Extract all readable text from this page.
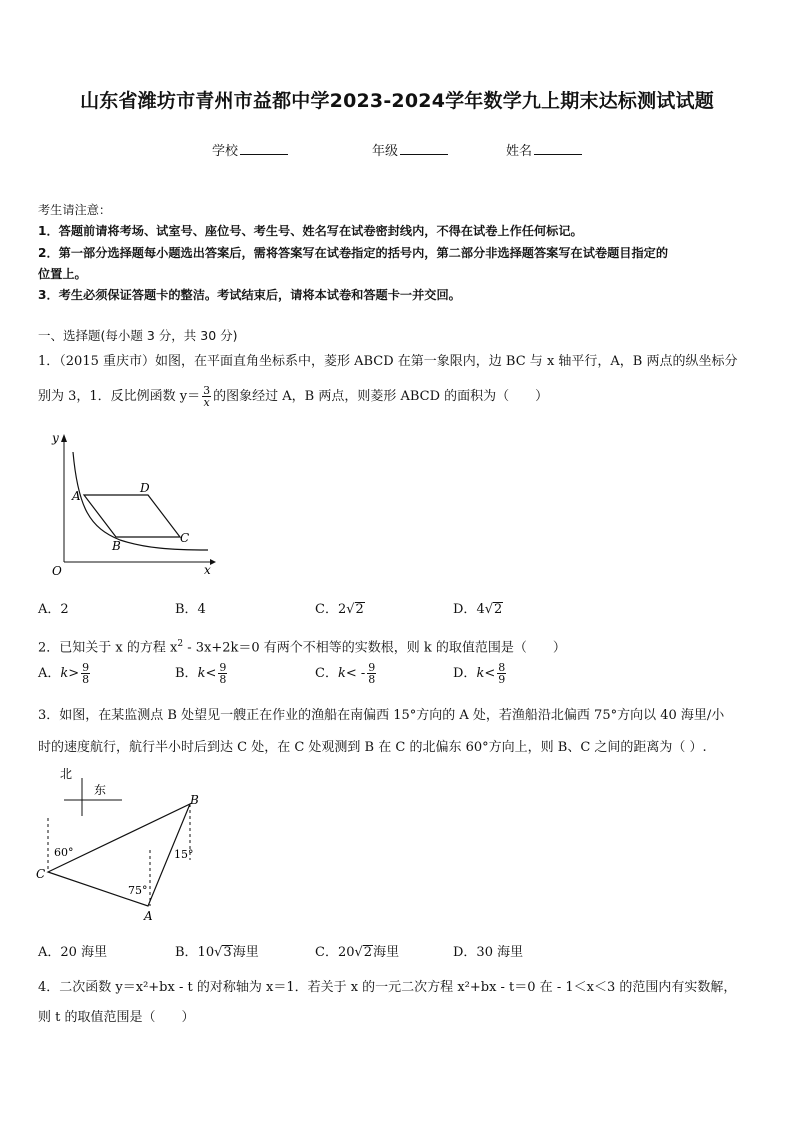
山东省潍坊市青州市益都中学2023-2024学年数学九上期末达标测试试题
学校	年级	姓名
考生请注意：
1．答题前请将考场、试室号、座位号、考生号、姓名写在试卷密封线内，不得在试卷上作任何标记。
2．第一部分选择题每小题选出答案后，需将答案写在试卷指定的括号内，第二部分非选择题答案写在试卷题目指定的
位置上。
3．考生必须保证答题卡的整洁。考试结束后，请将本试卷和答题卡一并交回。
一、选择题(每小题 3 分，共 30 分)
1．（2015 重庆市）如图，在平面直角坐标系中，菱形 ABCD 在第一象限内，边 BC 与 x 轴平行，A，B 两点的纵坐标分
别为 3，1．反比例函数 $y= \frac{3}{x}$ 的图象经过 A，B 两点，则菱形 ABCD 的面积为（　　）
y
x
O
A
D
B
C
A．2	B．4	C．2√2	D．4√2
2．已知关于 x 的方程 $x^2 - 3x+2k=0$ 有两个不相等的实数根，则 k 的取值范围是（　　）
A．$k> \frac{9}{8}$	B．$k< \frac{9}{8}$	C．$k< - \frac{9}{8}$	D．$k< \frac{8}{9}$
3．如图，在某监测点 B 处望见一艘正在作业的渔船在南偏西 15°方向的 A 处，若渔船沿北偏西 75°方向以 40 海里/小
时的速度航行，航行半小时后到达 C 处，在 C 处观测到 B 在 C 的北偏东 60°方向上，则 B、C 之间的距离为（ ）.
北
东
B
C
A
60°
75°
15°
A．20 海里	B．10√3海里	C．20√2海里	D．30 海里
4．二次函数 y＝x²+bx - t 的对称轴为 x＝1．若关于 x 的一元二次方程 x²+bx - t＝0 在 - 1＜x＜3 的范围内有实数解，
则 t 的取值范围是（　　）
